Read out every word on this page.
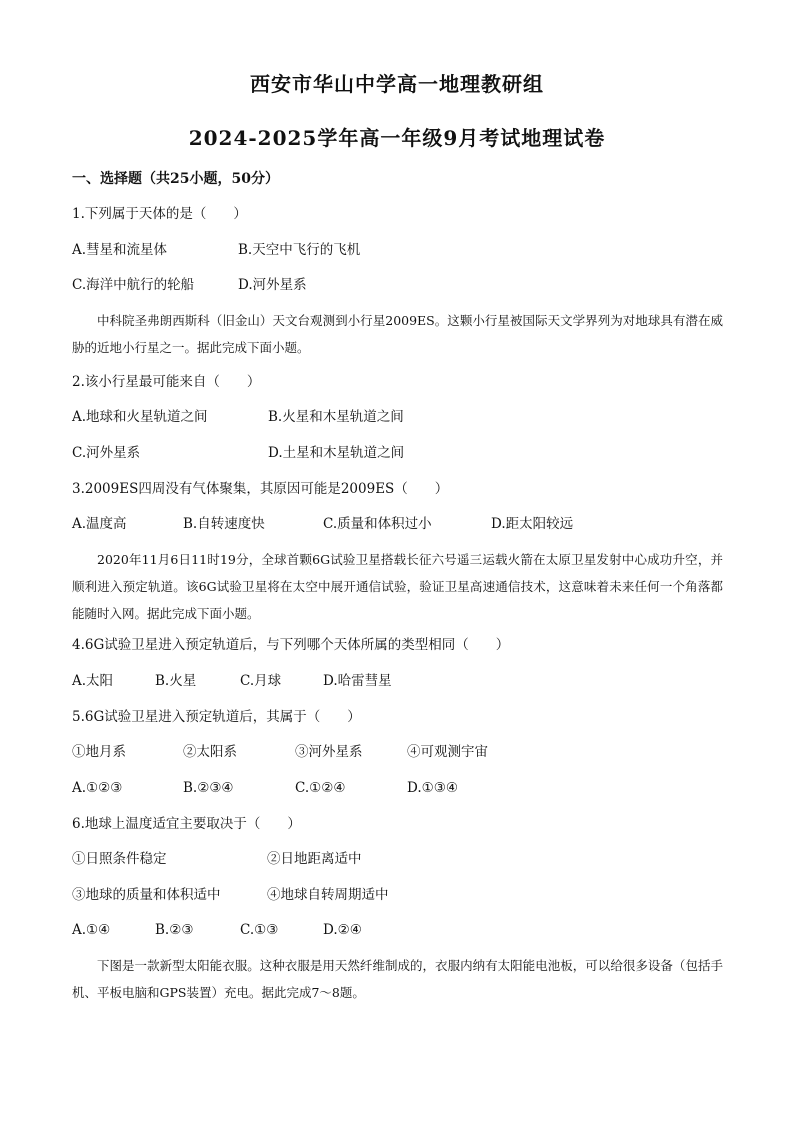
西安市华山中学高一地理教研组
2024-2025学年高一年级9月考试地理试卷
一、选择题（共25小题，50分）
1.下列属于天体的是（　　）
A.彗星和流星体	B.天空中飞行的飞机
C.海洋中航行的轮船	D.河外星系
中科院圣弗朗西斯科（旧金山）天文台观测到小行星2009ES。这颗小行星被国际天文学界列为对地球具有潜在威胁的近地小行星之一。据此完成下面小题。
2.该小行星最可能来自（　　）
A.地球和火星轨道之间	B.火星和木星轨道之间
C.河外星系	D.土星和木星轨道之间
3.2009ES四周没有气体聚集，其原因可能是2009ES（　　）
A.温度高	B.自转速度快	C.质量和体积过小	D.距太阳较远
2020年11月6日11时19分，全球首颗6G试验卫星搭载长征六号遥三运载火箭在太原卫星发射中心成功升空，并顺利进入预定轨道。该6G试验卫星将在太空中展开通信试验，验证卫星高速通信技术，这意味着未来任何一个角落都能随时入网。据此完成下面小题。
4.6G试验卫星进入预定轨道后，与下列哪个天体所属的类型相同（　　）
A.太阳	B.火星	C.月球	D.哈雷彗星
5.6G试验卫星进入预定轨道后，其属于（　　）
①地月系	②太阳系	③河外星系	④可观测宇宙
A.①②③	B.②③④	C.①②④	D.①③④
6.地球上温度适宜主要取决于（　　）
①日照条件稳定	②日地距离适中
③地球的质量和体积适中	④地球自转周期适中
A.①④	B.②③	C.①③	D.②④
下图是一款新型太阳能衣服。这种衣服是用天然纤维制成的，衣服内纳有太阳能电池板，可以给很多设备（包括手机、平板电脑和GPS装置）充电。据此完成7～8题。
